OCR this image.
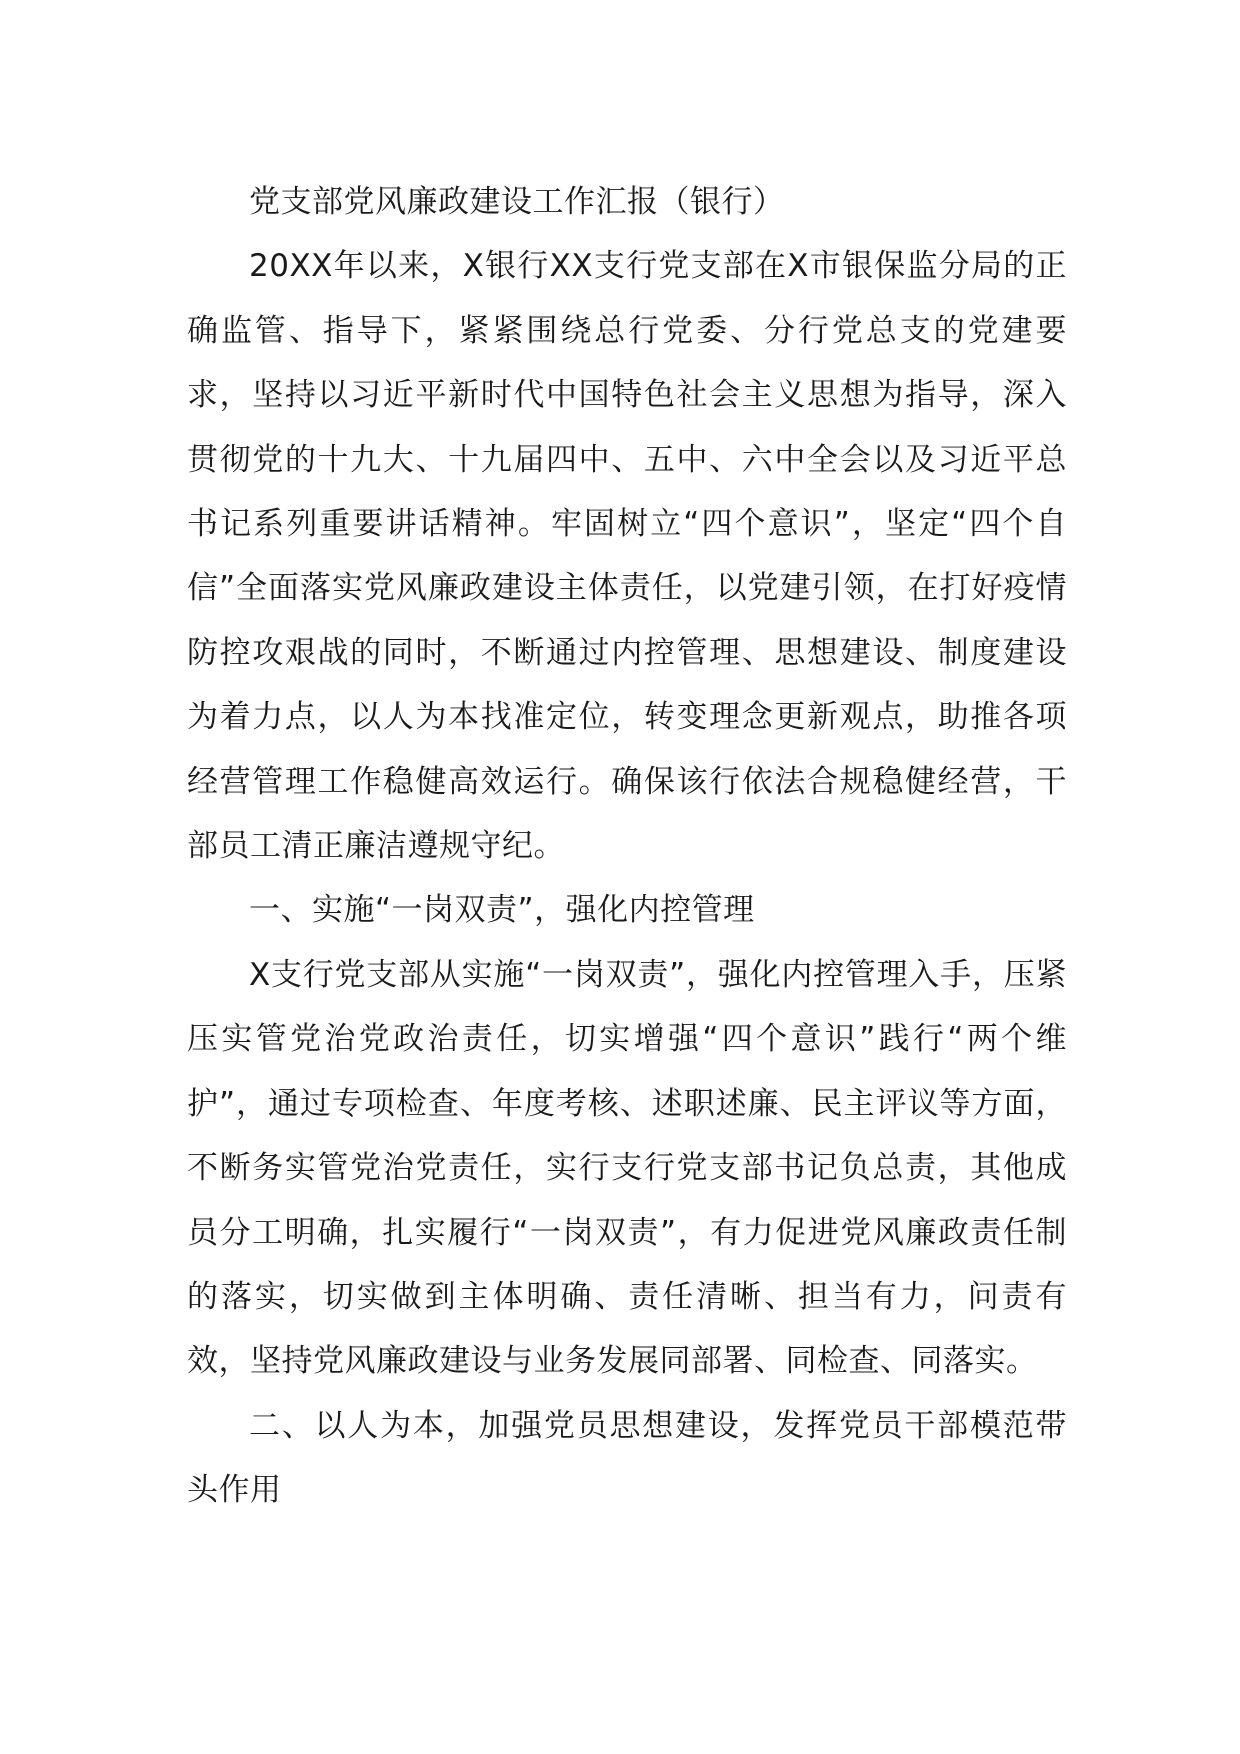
党支部党风廉政建设工作汇报（银行）

20XX年以来，X银行XX支行党支部在X市银保监分局的正确监管、指导下，紧紧围绕总行党委、分行党总支的党建要求，坚持以习近平新时代中国特色社会主义思想为指导，深入贯彻党的十九大、十九届四中、五中、六中全会以及习近平总书记系列重要讲话精神。牢固树立“四个意识”，坚定“四个自信”全面落实党风廉政建设主体责任，以党建引领，在打好疫情防控攻艰战的同时，不断通过内控管理、思想建设、制度建设为着力点，以人为本找准定位，转变理念更新观点，助推各项经营管理工作稳健高效运行。确保该行依法合规稳健经营，干部员工清正廉洁遵规守纪。

一、实施“一岗双责”，强化内控管理

X支行党支部从实施“一岗双责”，强化内控管理入手，压紧压实管党治党政治责任，切实增强“四个意识”践行“两个维护”，通过专项检查、年度考核、述职述廉、民主评议等方面，不断务实管党治党责任，实行支行党支部书记负总责，其他成员分工明确，扎实履行“一岗双责”，有力促进党风廉政责任制的落实，切实做到主体明确、责任清晰、担当有力，问责有效，坚持党风廉政建设与业务发展同部署、同检查、同落实。

二、以人为本，加强党员思想建设，发挥党员干部模范带头作用
